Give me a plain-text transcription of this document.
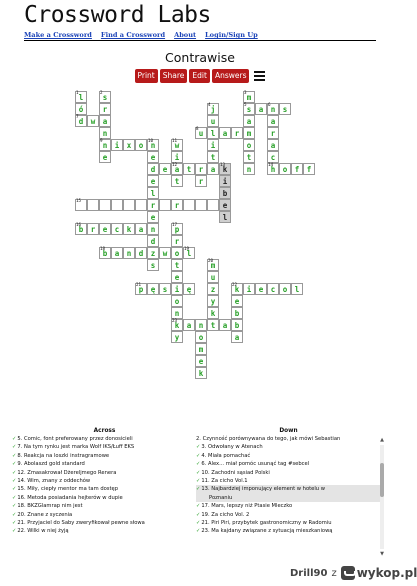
Crossword Labs
Make a Crossword Find a Crossword About Login/Sign Up
Contrawise
Print	Share	Edit	Answers
1
l
2
s
3
m
ó	r
4
j
5
s a
6
n s
7
d w a	u	a	a
n
8
u l a r m	r
9
n i x o
10
n
11
w	i	o	a
e	e	i	t	t	c
d e
12
a t r a
13
k	n
14
h o f f
e	t	r	i
l	b
15
r	r	e
e	l
16
b r e c k a n
17
p
d	r
18
b a n d z w o
19
l
s	t
20
m
e	u
21
p ę s i ę	z
22
k i e c o l
o	y	e
n	k	b
23
k a n t a b
y	o	a
m
e
k
Across
✓5. Comic, font preferowany przez donosicieli
✓7. Na tym rynku jest marka Wolf IKS/Łuff EKS
✓8. Reakcja na loszki instragramowe
✓9. Abolaszd gold standard
✓12. Zmasakrował Dżereljmego Renera
✓14. Wim, znany z oddechów
✓15. Miły, ciepły mentor ma tam dostęp
✓16. Metoda posiadania hejterów w dupie
✓18. BKZGlamrap nim jest
✓20. Znane z syczenia
✓21. Przyjaciel do Saby zweryfikował pewne słowa
✓22. Wilki w niej żyją
Down
2. Czynność porównywana do tego, jak mówi Sebastian
✓3. Odwołany w Atenach
✓4. Miała pomachać
✓6. Alex... miał pomóc usunąć tag #sebcel
✓10. Zachodni sąsiad Polski
✓11. Za cicho Vol.1
✓13. Najbardziej imponujący element w hotelu w
Poznaniu
✓17. Mars, lepszy niż Ptasie Mleczko
✓19. Za cicho Vol. 2
✓21. Piri Piri, przybytek gastronomiczny w Radomiu
✓23. Ma kajdany związane z sytuacją mieszkaniową
▲
▼
Drill90 z wykop.pl
